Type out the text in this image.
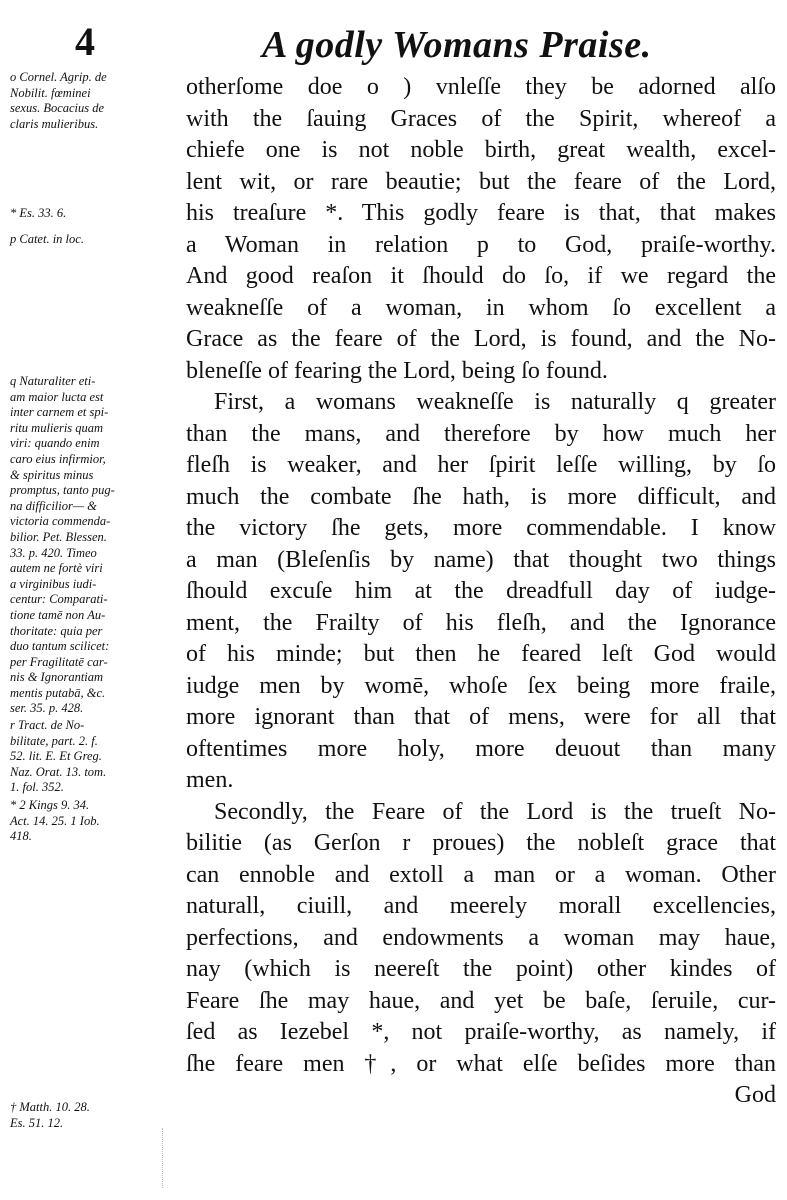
4	A godly Womans Praise.
o Cornel. Agrip. de
Nobilit. fœminei
sexus. Bocacius de
claris mulieribus.
* Es. 33. 6.
p Catet. in loc.
q Naturaliter eti-
am maior lucta est
inter carnem et spi-
ritu mulieris quam
viri: quando enim
caro eius infirmior,
& spiritus minus
promptus, tanto pug-
na difficilior— &
victoria commenda-
bilior. Pet. Blessen.
33. p. 420. Timeo
autem ne fortè viri
a virginibus iudi-
centur: Comparati-
tione tamē non Au-
thoritate: quia per
duo tantum scilicet:
per Fragilitatē car-
nis & Ignorantiam
mentis putabā, &c.
ser. 35. p. 428.
r Tract. de No-
bilitate, part. 2. f.
52. lit. E. Et Greg.
Naz. Orat. 13. tom.
1. fol. 352.
* 2 Kings 9. 34.
Act. 14. 25. 1 Iob.
418.
† Matth. 10. 28.
Es. 51. 12.
otherſome doe o ) vnleſſe they be adorned alſo
with the ſauing Graces of the Spirit, whereof a
chiefe one is not noble birth, great wealth, excel-
lent wit, or rare beautie; but the feare of the Lord,
his treaſure *. This godly feare is that, that makes
a Woman in relation p to God, praiſe-worthy.
And good reaſon it ſhould do ſo, if we regard the
weakneſſe of a woman, in whom ſo excellent a
Grace as the feare of the Lord, is found, and the No-
bleneſſe of fearing the Lord, being ſo found.
First, a womans weakneſſe is naturally q greater
than the mans, and therefore by how much her
fleſh is weaker, and her ſpirit leſſe willing, by ſo
much the combate ſhe hath, is more difficult, and
the victory ſhe gets, more commendable. I know
a man (Bleſenſis by name) that thought two things
ſhould excuſe him at the dreadfull day of iudge-
ment, the Frailty of his fleſh, and the Ignorance
of his minde; but then he feared leſt God would
iudge men by womē, whoſe ſex being more fraile,
more ignorant than that of mens, were for all that
oftentimes more holy, more deuout than many
men.
Secondly, the Feare of the Lord is the trueſt No-
bilitie (as Gerſon r proues) the nobleſt grace that
can ennoble and extoll a man or a woman. Other
naturall, ciuill, and meerely morall excellencies,
perfections, and endowments a woman may haue,
nay (which is neereſt the point) other kindes of
Feare ſhe may haue, and yet be baſe, ſeruile, cur-
ſed as Iezebel *, not praiſe-worthy, as namely, if
ſhe feare men †, or what elſe beſides more than
God
